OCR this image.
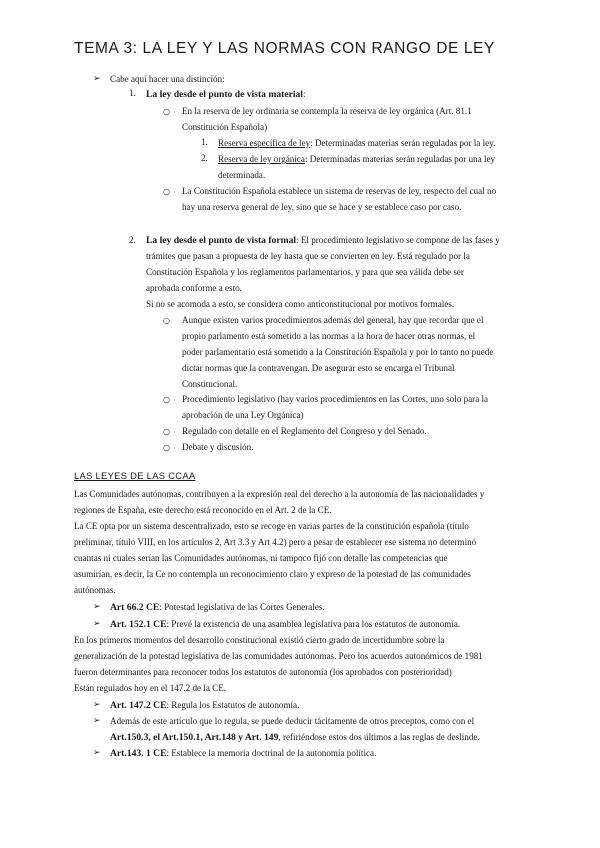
TEMA 3: LA LEY Y LAS NORMAS CON RANGO DE LEY
➢ Cabe aquí hacer una distinción:
1. La ley desde el punto de vista material:
○ En la reserva de ley ordinaria se contempla la reserva de ley orgánica (Art. 81.1
Constitución Española)
1. Reserva específica de ley: Determinadas materias serán reguladas por la ley.
2. Reserva de ley orgánica: Determinadas materias serán reguladas por una ley
determinada.
○ La Constitución Española establece un sistema de reservas de ley, respecto del cual no
hay una reserva general de ley, sino que se hace y se establece caso por caso.
2. La ley desde el punto de vista formal: El procedimiento legislativo se compone de las fases y
trámites que pasan a propuesta de ley hasta que se convierten en ley. Está regulado por la
Constitución Española y los reglamentos parlamentarios, y para que sea válida debe ser
aprobada conforme a esto.
Si no se acomoda a esto, se considera como anticonstitucional por motivos formales.
○ Aunque existen varios procedimientos además del general, hay que recordar que el
propio parlamento está sometido a las normas a la hora de hacer otras normas, el
poder parlamentario está sometido a la Constitución Española y por lo tanto no puede
dictar normas que la contravengan. De asegurar esto se encarga el Tribunal
Constitucional.
○ Procedimiento legislativo (hay varios procedimientos en las Cortes, uno solo para la
aprobación de una Ley Orgánica)
○ Regulado con detalle en el Reglamento del Congreso y del Senado.
○ Debate y discusión.
LAS LEYES DE LAS CCAA
Las Comunidades autónomas, contribuyen a la expresión real del derecho a la autonomía de las nacionalidades y
regiones de España, este derecho está reconocido en el Art. 2 de la CE.
La CE opta por un sistema descentralizado, esto se recoge en varias partes de la constitución española (título
preliminar, título VIII, en los artículos 2, Art 3.3 y Art 4.2) pero a pesar de establecer ese sistema no determinó
cuantas ni cuales serían las Comunidades autónomas, ni tampoco fijó con detalle las competencias que
asumirían, es decir, la Ce no contempla un reconocimiento claro y expreso de la potestad de las comunidades
autónomas.
➢ Art 66.2 CE: Potestad legislativa de las Cortes Generales.
➢ Art. 152.1 CE: Prevé la existencia de una asamblea legislativa para los estatutos de autonomía.
En los primeros momentos del desarrollo constitucional existió cierto grado de incertidumbre sobre la
generalización de la potestad legislativa de las comunidades autónomas. Pero los acuerdos autonómicos de 1981
fueron determinantes para reconocer todos los estatutos de autonomía (los aprobados con posterioridad)
Están regulados hoy en el 147.2 de la CE.
➢ Art. 147.2 CE: Regula los Estatutos de autonomía.
➢ Además de este artículo que lo regula, se puede deducir tácitamente de otros preceptos, como con el
Art.150.3, el Art.150.1, Art.148 y Art. 149, refiriéndose estos dos últimos a las reglas de deslinde.
➢ Art.143. 1 CE: Establece la memoria doctrinal de la autonomía política.
